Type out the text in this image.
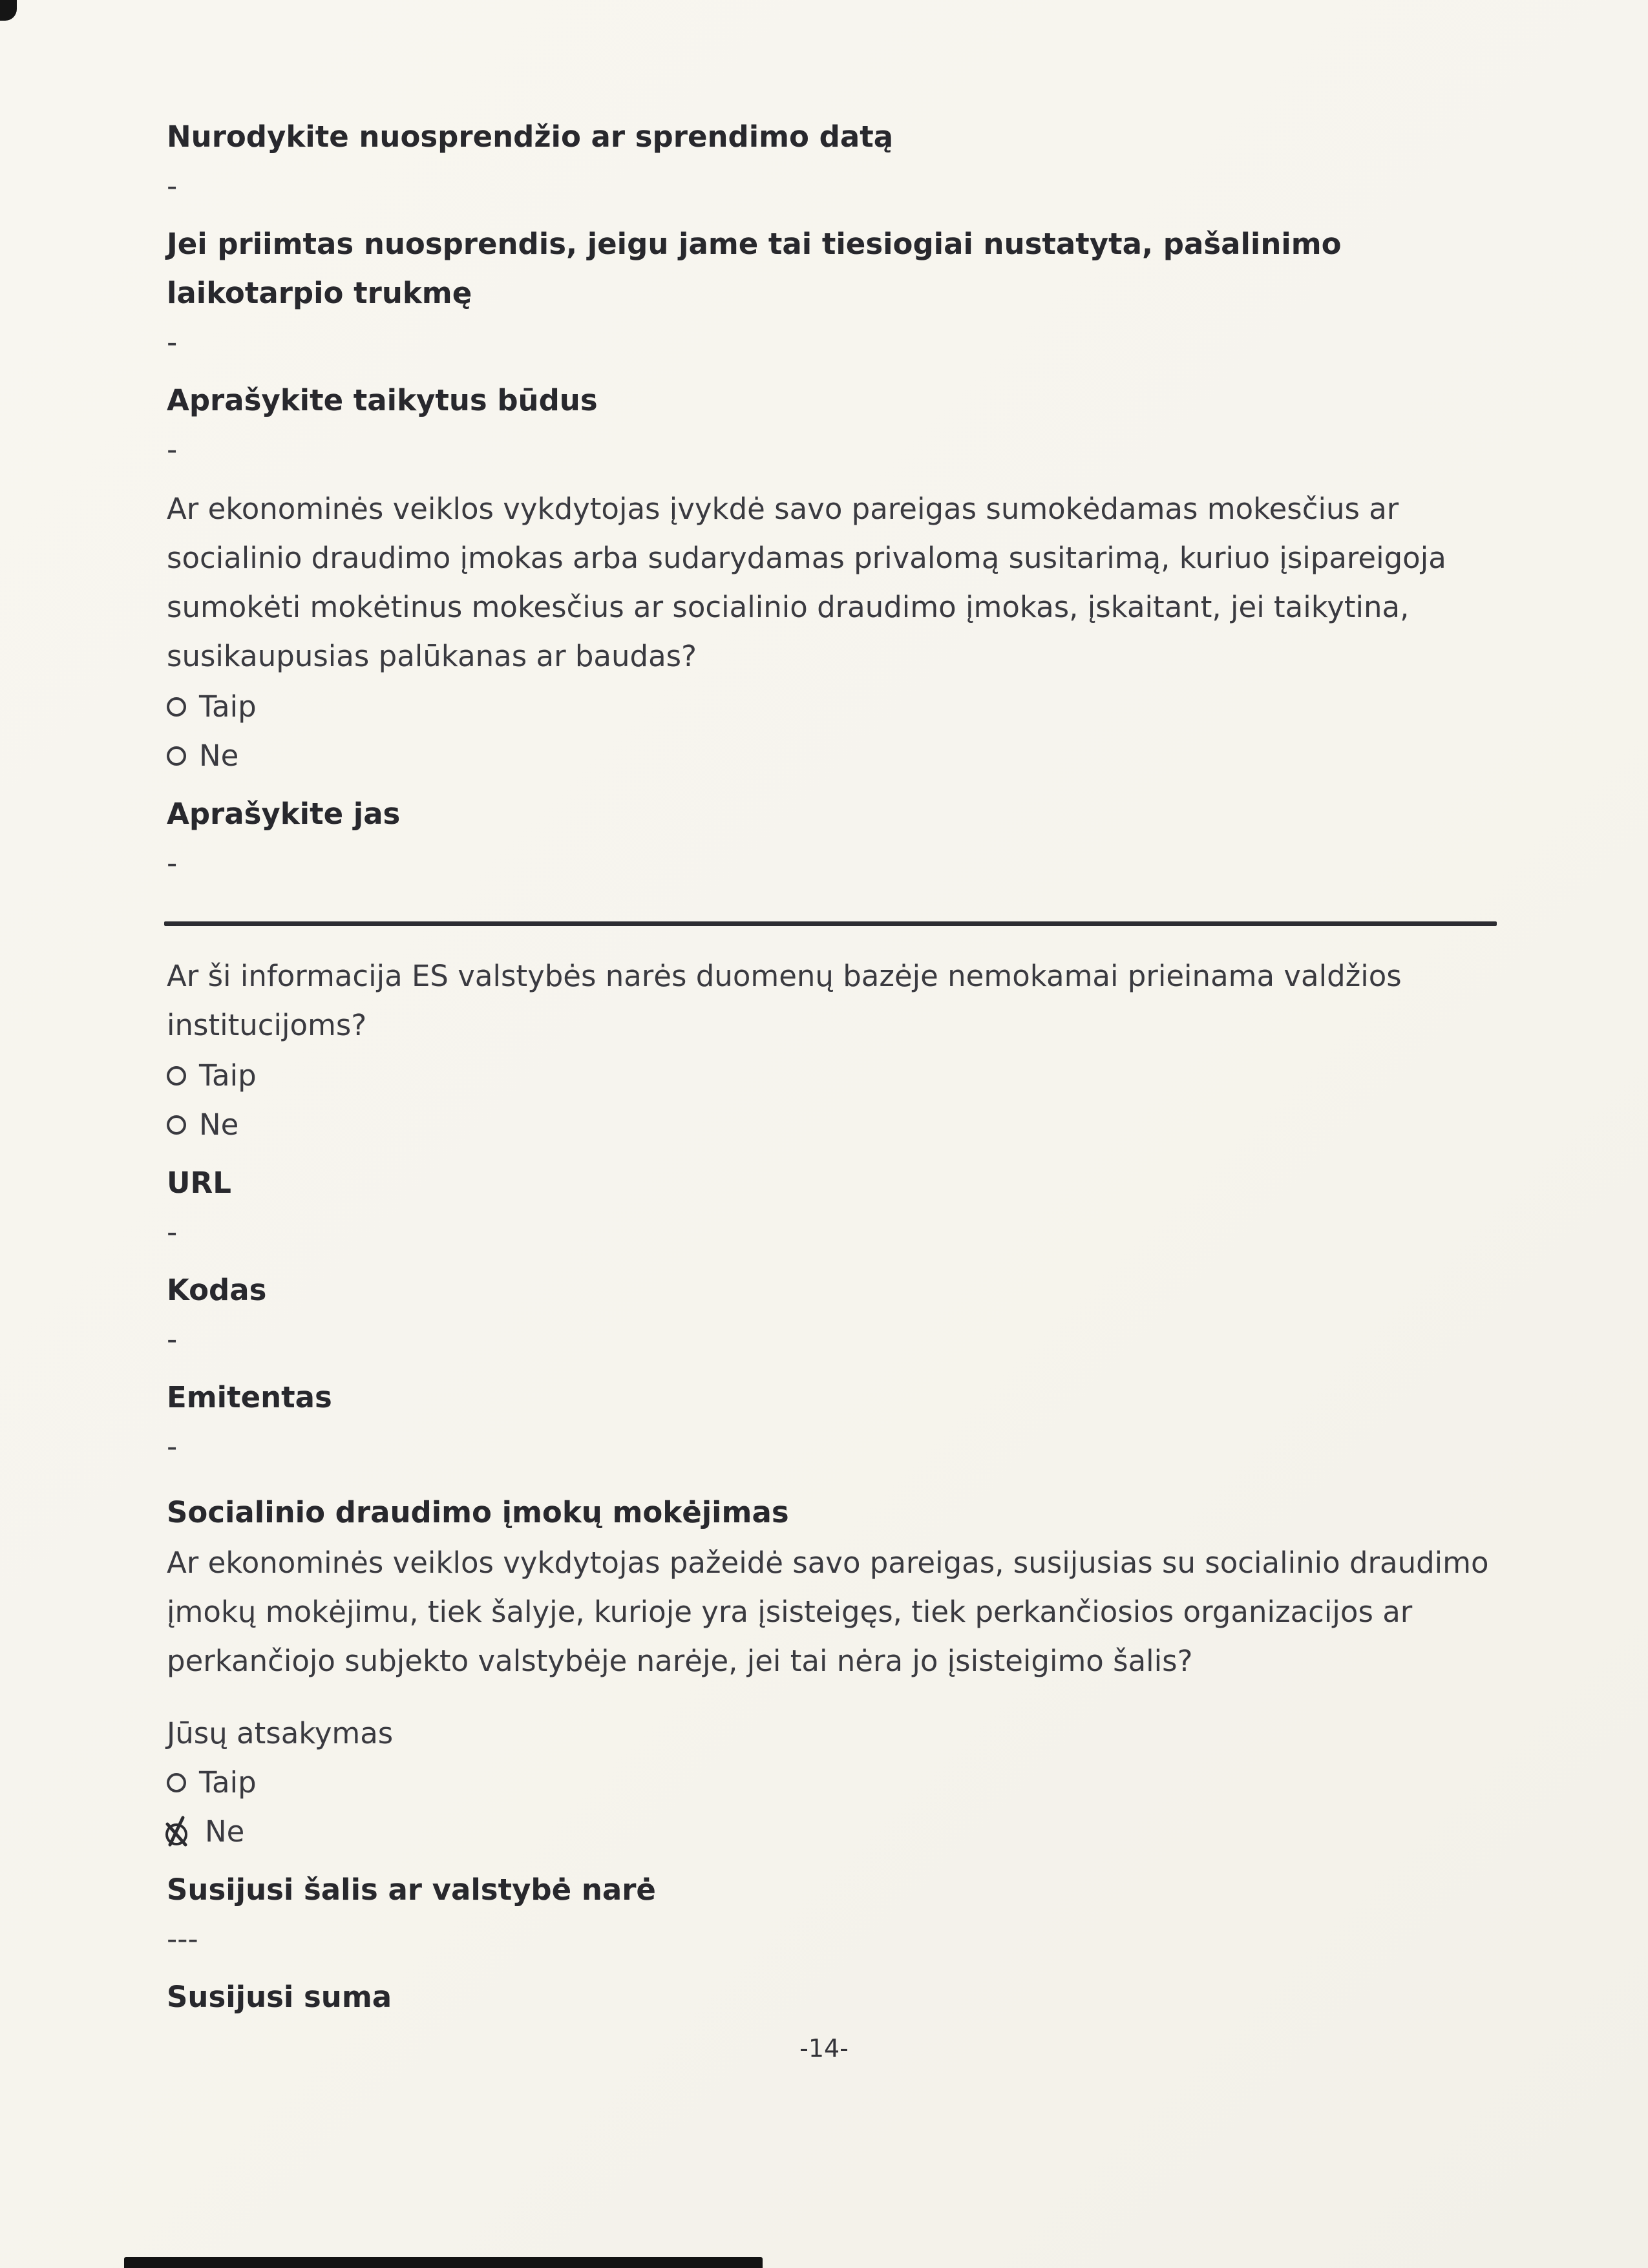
Nurodykite nuosprendžio ar sprendimo datą
-
Jei priimtas nuosprendis, jeigu jame tai tiesiogiai nustatyta, pašalinimo laikotarpio trukmę
-
Aprašykite taikytus būdus
-
Ar ekonominės veiklos vykdytojas įvykdė savo pareigas sumokėdamas mokesčius ar socialinio draudimo įmokas arba sudarydamas privalomą susitarimą, kuriuo įsipareigoja sumokėti mokėtinus mokesčius ar socialinio draudimo įmokas, įskaitant, jei taikytina, susikaupusias palūkanas ar baudas?
Taip
Ne
Aprašykite jas
-
Ar ši informacija ES valstybės narės duomenų bazėje nemokamai prieinama valdžios institucijoms?
Taip
Ne
URL
-
Kodas
-
Emitentas
-
Socialinio draudimo įmokų mokėjimas
Ar ekonominės veiklos vykdytojas pažeidė savo pareigas, susijusias su socialinio draudimo įmokų mokėjimu, tiek šalyje, kurioje yra įsisteigęs, tiek perkančiosios organizacijos ar perkančiojo subjekto valstybėje narėje, jei tai nėra jo įsisteigimo šalis?
Jūsų atsakymas
Taip
Ne
Susijusi šalis ar valstybė narė
---
Susijusi suma
-14-
